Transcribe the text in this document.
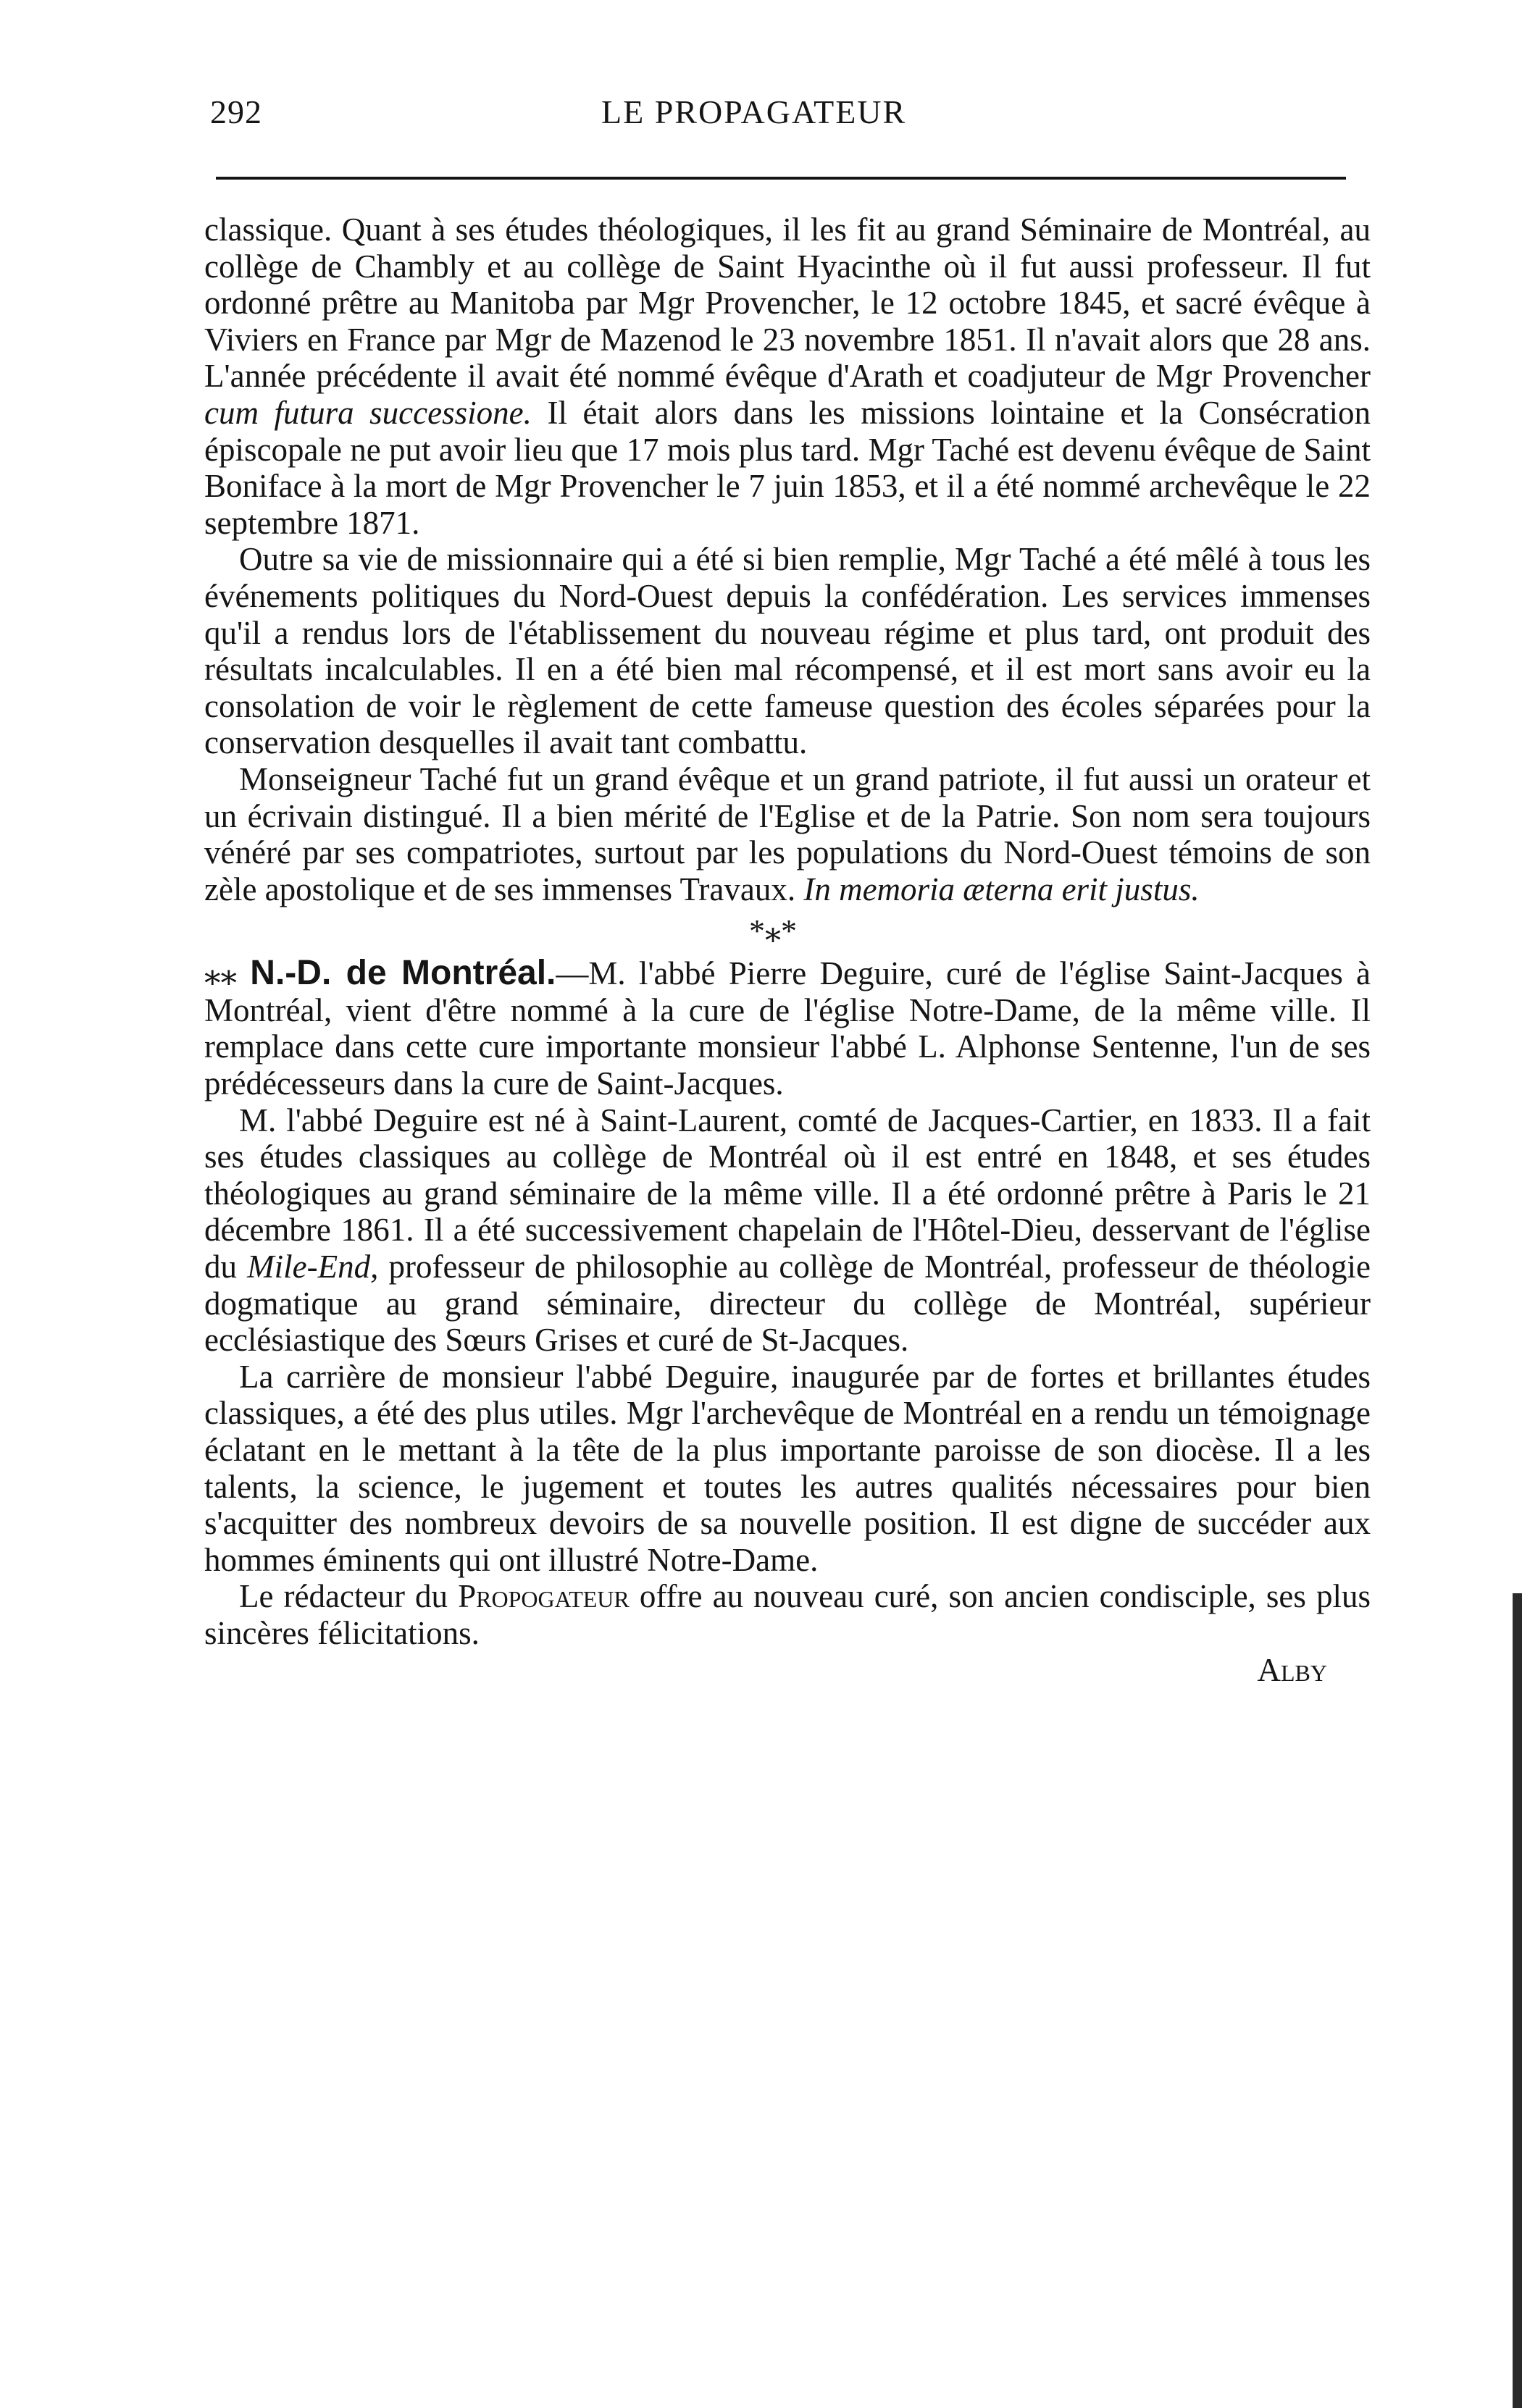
292	LE PROPAGATEUR

classique. Quant à ses études théologiques, il les fit au grand Séminaire de Montréal, au collège de Chambly et au collège de Saint Hyacinthe où il fut aussi professeur. Il fut ordonné prêtre au Manitoba par Mgr Provencher, le 12 octobre 1845, et sacré évêque à Viviers en France par Mgr de Mazenod le 23 novembre 1851. Il n'avait alors que 28 ans. L'année précédente il avait été nommé évêque d'Arath et coadjuteur de Mgr Provencher cum futura successione. Il était alors dans les missions lointaine et la Consécration épiscopale ne put avoir lieu que 17 mois plus tard. Mgr Taché est devenu évêque de Saint Boniface à la mort de Mgr Provencher le 7 juin 1853, et il a été nommé archevêque le 22 septembre 1871.

Outre sa vie de missionnaire qui a été si bien remplie, Mgr Taché a été mêlé à tous les événements politiques du Nord-Ouest depuis la confédération. Les services immenses qu'il a rendus lors de l'établissement du nouveau régime et plus tard, ont produit des résultats incalculables. Il en a été bien mal récompensé, et il est mort sans avoir eu la consolation de voir le règlement de cette fameuse question des écoles séparées pour la conservation desquelles il avait tant combattu.

Monseigneur Taché fut un grand évêque et un grand patriote, il fut aussi un orateur et un écrivain distingué. Il a bien mérité de l'Eglise et de la Patrie. Son nom sera toujours vénéré par ses compatriotes, surtout par les populations du Nord-Ouest témoins de son zèle apostolique et de ses immenses Travaux. In memoria æterna erit justus.

*⁎*

⁎⁎ N.-D. de Montréal.—M. l'abbé Pierre Deguire, curé de l'église Saint-Jacques à Montréal, vient d'être nommé à la cure de l'église Notre-Dame, de la même ville. Il remplace dans cette cure importante monsieur l'abbé L. Alphonse Sentenne, l'un de ses prédécesseurs dans la cure de Saint-Jacques.

M. l'abbé Deguire est né à Saint-Laurent, comté de Jacques-Cartier, en 1833. Il a fait ses études classiques au collège de Montréal où il est entré en 1848, et ses études théologiques au grand séminaire de la même ville. Il a été ordonné prêtre à Paris le 21 décembre 1861. Il a été successivement chapelain de l'Hôtel-Dieu, desservant de l'église du Mile-End, professeur de philosophie au collège de Montréal, professeur de théologie dogmatique au grand séminaire, directeur du collège de Montréal, supérieur ecclésiastique des Sœurs Grises et curé de St-Jacques.

La carrière de monsieur l'abbé Deguire, inaugurée par de fortes et brillantes études classiques, a été des plus utiles. Mgr l'archevêque de Montréal en a rendu un témoignage éclatant en le mettant à la tête de la plus importante paroisse de son diocèse. Il a les talents, la science, le jugement et toutes les autres qualités nécessaires pour bien s'acquitter des nombreux devoirs de sa nouvelle position. Il est digne de succéder aux hommes éminents qui ont illustré Notre-Dame.

Le rédacteur du Propogateur offre au nouveau curé, son ancien condisciple, ses plus sincères félicitations.

Alby
